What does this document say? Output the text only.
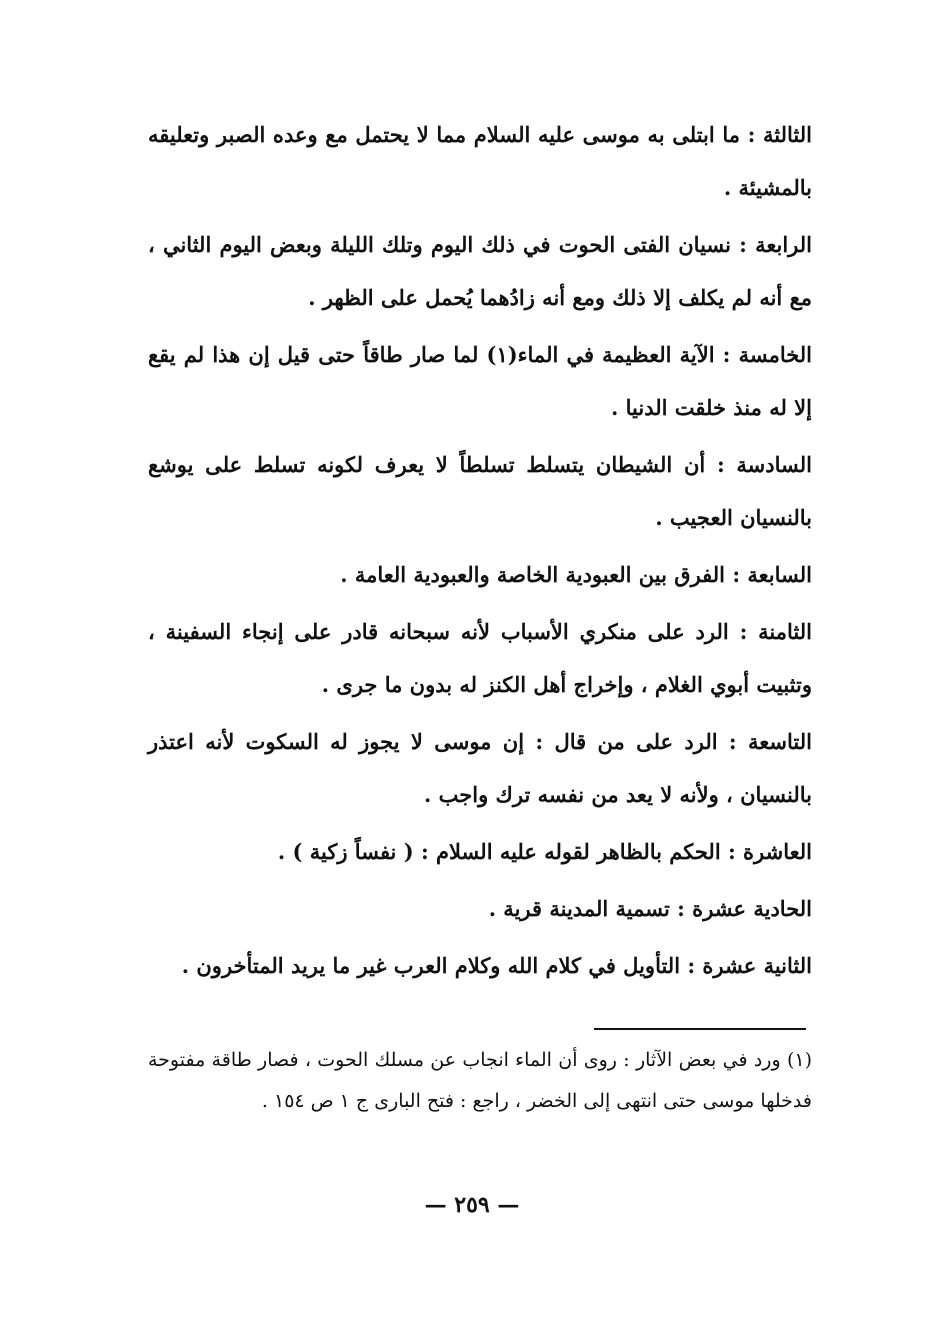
الثالثة : ما ابتلى به موسى عليه السلام مما لا يحتمل مع وعده الصبر وتعليقه بالمشيئة .

الرابعة : نسيان الفتى الحوت في ذلك اليوم وتلك الليلة وبعض اليوم الثاني ، مع أنه لم يكلف إلا ذلك ومع أنه زادُهما يُحمل على الظهر .

الخامسة : الآية العظيمة في الماء(١) لما صار طاقاً حتى قيل إن هذا لم يقع إلا له منذ خلقت الدنيا .

السادسة : أن الشيطان يتسلط تسلطاً لا يعرف لكونه تسلط على يوشع بالنسيان العجيب .

السابعة : الفرق بين العبودية الخاصة والعبودية العامة .

الثامنة : الرد على منكري الأسباب لأنه سبحانه قادر على إنجاء السفينة ، وتثبيت أبوي الغلام ، وإخراج أهل الكنز له بدون ما جرى .

التاسعة : الرد على من قال : إن موسى لا يجوز له السكوت لأنه اعتذر بالنسيان ، ولأنه لا يعد من نفسه ترك واجب .

العاشرة : الحكم بالظاهر لقوله عليه السلام : ( نفساً زكية ) .

الحادية عشرة : تسمية المدينة قرية .

الثانية عشرة : التأويل في كلام الله وكلام العرب غير ما يريد المتأخرون .

(١) ورد في بعض الآثار : روى أن الماء انجاب عن مسلك الحوت ، فصار طاقة مفتوحة فدخلها موسى حتى انتهى إلى الخضر ، راجع : فتح البارى ج ١ ص ١٥٤ .

— ٢٥٩ —
